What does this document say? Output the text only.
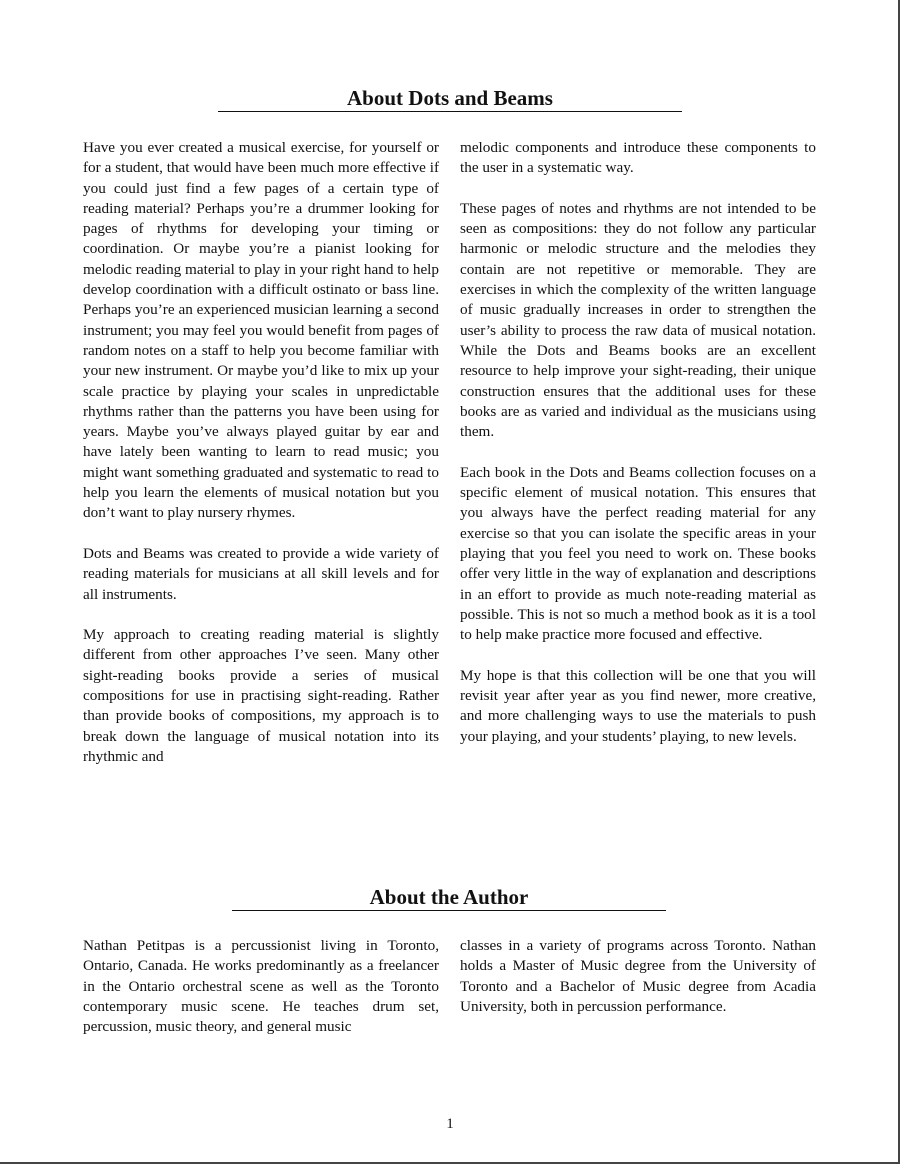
About Dots and Beams

Have you ever created a musical exercise, for yourself or for a student, that would have been much more effective if you could just find a few pages of a certain type of reading material? Perhaps you’re a drummer looking for pages of rhythms for developing your timing or coordination. Or maybe you’re a pianist looking for melodic reading material to play in your right hand to help develop coordination with a difficult ostinato or bass line. Perhaps you’re an experienced musician learning a second instrument; you may feel you would benefit from pages of random notes on a staff to help you become familiar with your new instrument. Or maybe you’d like to mix up your scale practice by playing your scales in unpredictable rhythms rather than the patterns you have been using for years. Maybe you’ve always played guitar by ear and have lately been wanting to learn to read music; you might want something graduated and systematic to read to help you learn the elements of musical notation but you don’t want to play nursery rhymes.

Dots and Beams was created to provide a wide variety of reading materials for musicians at all skill levels and for all instruments.

My approach to creating reading material is slightly different from other approaches I’ve seen. Many other sight-reading books provide a series of musical compositions for use in practising sight-reading. Rather than provide books of compositions, my approach is to break down the language of musical notation into its rhythmic and

melodic components and introduce these components to the user in a systematic way.

These pages of notes and rhythms are not intended to be seen as compositions: they do not follow any particular harmonic or melodic structure and the melodies they contain are not repetitive or memorable. They are exercises in which the complexity of the written language of music gradually increases in order to strengthen the user’s ability to process the raw data of musical notation. While the Dots and Beams books are an excellent resource to help improve your sight-reading, their unique construction ensures that the additional uses for these books are as varied and individual as the musicians using them.

Each book in the Dots and Beams collection focuses on a specific element of musical notation. This ensures that you always have the perfect reading material for any exercise so that you can isolate the specific areas in your playing that you feel you need to work on. These books offer very little in the way of explanation and descriptions in an effort to provide as much note-reading material as possible. This is not so much a method book as it is a tool to help make practice more focused and effective.

My hope is that this collection will be one that you will revisit year after year as you find newer, more creative, and more challenging ways to use the materials to push your playing, and your students’ playing, to new levels.

About the Author

Nathan Petitpas is a percussionist living in Toronto, Ontario, Canada. He works predominantly as a freelancer in the Ontario orchestral scene as well as the Toronto contemporary music scene. He teaches drum set, percussion, music theory, and general music

classes in a variety of programs across Toronto. Nathan holds a Master of Music degree from the University of Toronto and a Bachelor of Music degree from Acadia University, both in percussion performance.

1
